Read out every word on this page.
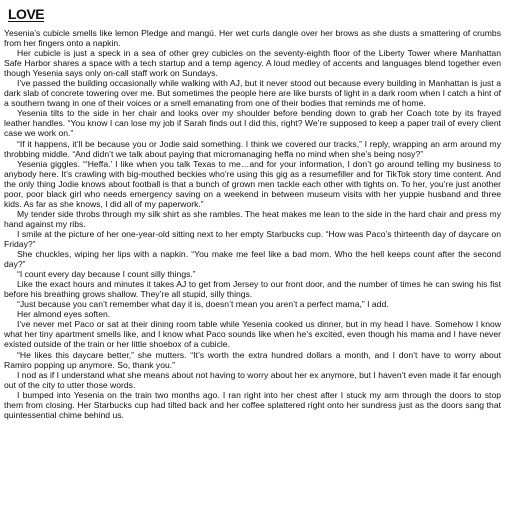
LOVE

Yesenia’s cubicle smells like lemon Pledge and mangú. Her wet curls dangle over her brows as she dusts a smattering of crumbs from her fingers onto a napkin.

Her cubicle is just a speck in a sea of other grey cubicles on the seventy-eighth floor of the Liberty Tower where Manhattan Safe Harbor shares a space with a tech startup and a temp agency. A loud medley of accents and languages blend together even though Yesenia says only on-call staff work on Sundays.

I’ve passed the building occasionally while walking with AJ, but it never stood out because every building in Manhattan is just a dark slab of concrete towering over me. But sometimes the people here are like bursts of light in a dark room when I catch a hint of a southern twang in one of their voices or a smell emanating from one of their bodies that reminds me of home.

Yesenia tilts to the side in her chair and looks over my shoulder before bending down to grab her Coach tote by its frayed leather handles. “You know I can lose my job if Sarah finds out I did this, right? We’re supposed to keep a paper trail of every client case we work on.”

“If it happens, it’ll be because you or Jodie said something. I think we covered our tracks,” I reply, wrapping an arm around my throbbing middle. “And didn’t we talk about paying that micromanaging heffa no mind when she’s being nosy?”

Yesenia giggles. “‘Heffa.’ I like when you talk Texas to me…and for your information, I don’t go around telling my business to anybody here. It’s crawling with big-mouthed beckies who’re using this gig as a resumefiller and for TikTok story time content. And the only thing Jodie knows about football is that a bunch of grown men tackle each other with tights on. To her, you’re just another poor, poor black girl who needs emergency saving on a weekend in between museum visits with her yuppie husband and three kids. As far as she knows, I did all of my paperwork.”

My tender side throbs through my silk shirt as she rambles. The heat makes me lean to the side in the hard chair and press my hand against my ribs.

I smile at the picture of her one-year-old sitting next to her empty Starbucks cup. “How was Paco’s thirteenth day of daycare on Friday?”

She chuckles, wiping her lips with a napkin. “You make me feel like a bad mom. Who the hell keeps count after the second day?”

“I count every day because I count silly things.”

Like the exact hours and minutes it takes AJ to get from Jersey to our front door, and the number of times he can swing his fist before his breathing grows shallow. They’re all stupid, silly things.

“Just because you can’t remember what day it is, doesn’t mean you aren’t a perfect mama,” I add.

Her almond eyes soften.

I’ve never met Paco or sat at their dining room table while Yesenia cooked us dinner, but in my head I have. Somehow I know what her tiny apartment smells like, and I know what Paco sounds like when he’s excited, even though his mama and I have never existed outside of the train or her little shoebox of a cubicle.

“He likes this daycare better,” she mutters. “It’s worth the extra hundred dollars a month, and I don’t have to worry about Ramiro popping up anymore. So, thank you.”

I nod as if I understand what she means about not having to worry about her ex anymore, but I haven’t even made it far enough out of the city to utter those words.

I bumped into Yesenia on the train two months ago. I ran right into her chest after I stuck my arm through the doors to stop them from closing. Her Starbucks cup had tilted back and her coffee splattered right onto her sundress just as the doors sang that quintessential chime behind us.
